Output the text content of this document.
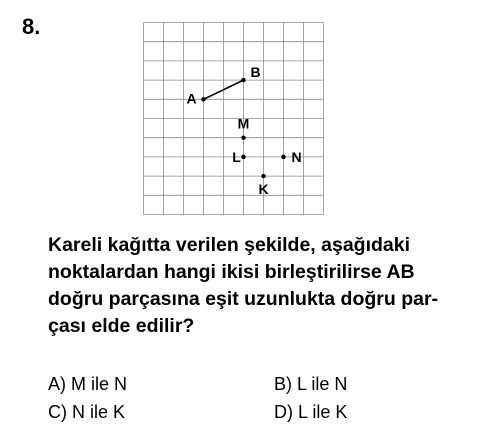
8.
A
B
M
L	N
K
Kareli kağıtta verilen şekilde, aşağıdaki
noktalardan hangi ikisi birleştirilirse AB
doğru parçasına eşit uzunlukta doğru par-
çası elde edilir?
A) M ile N	B) L ile N
C) N ile K	D) L ile K
